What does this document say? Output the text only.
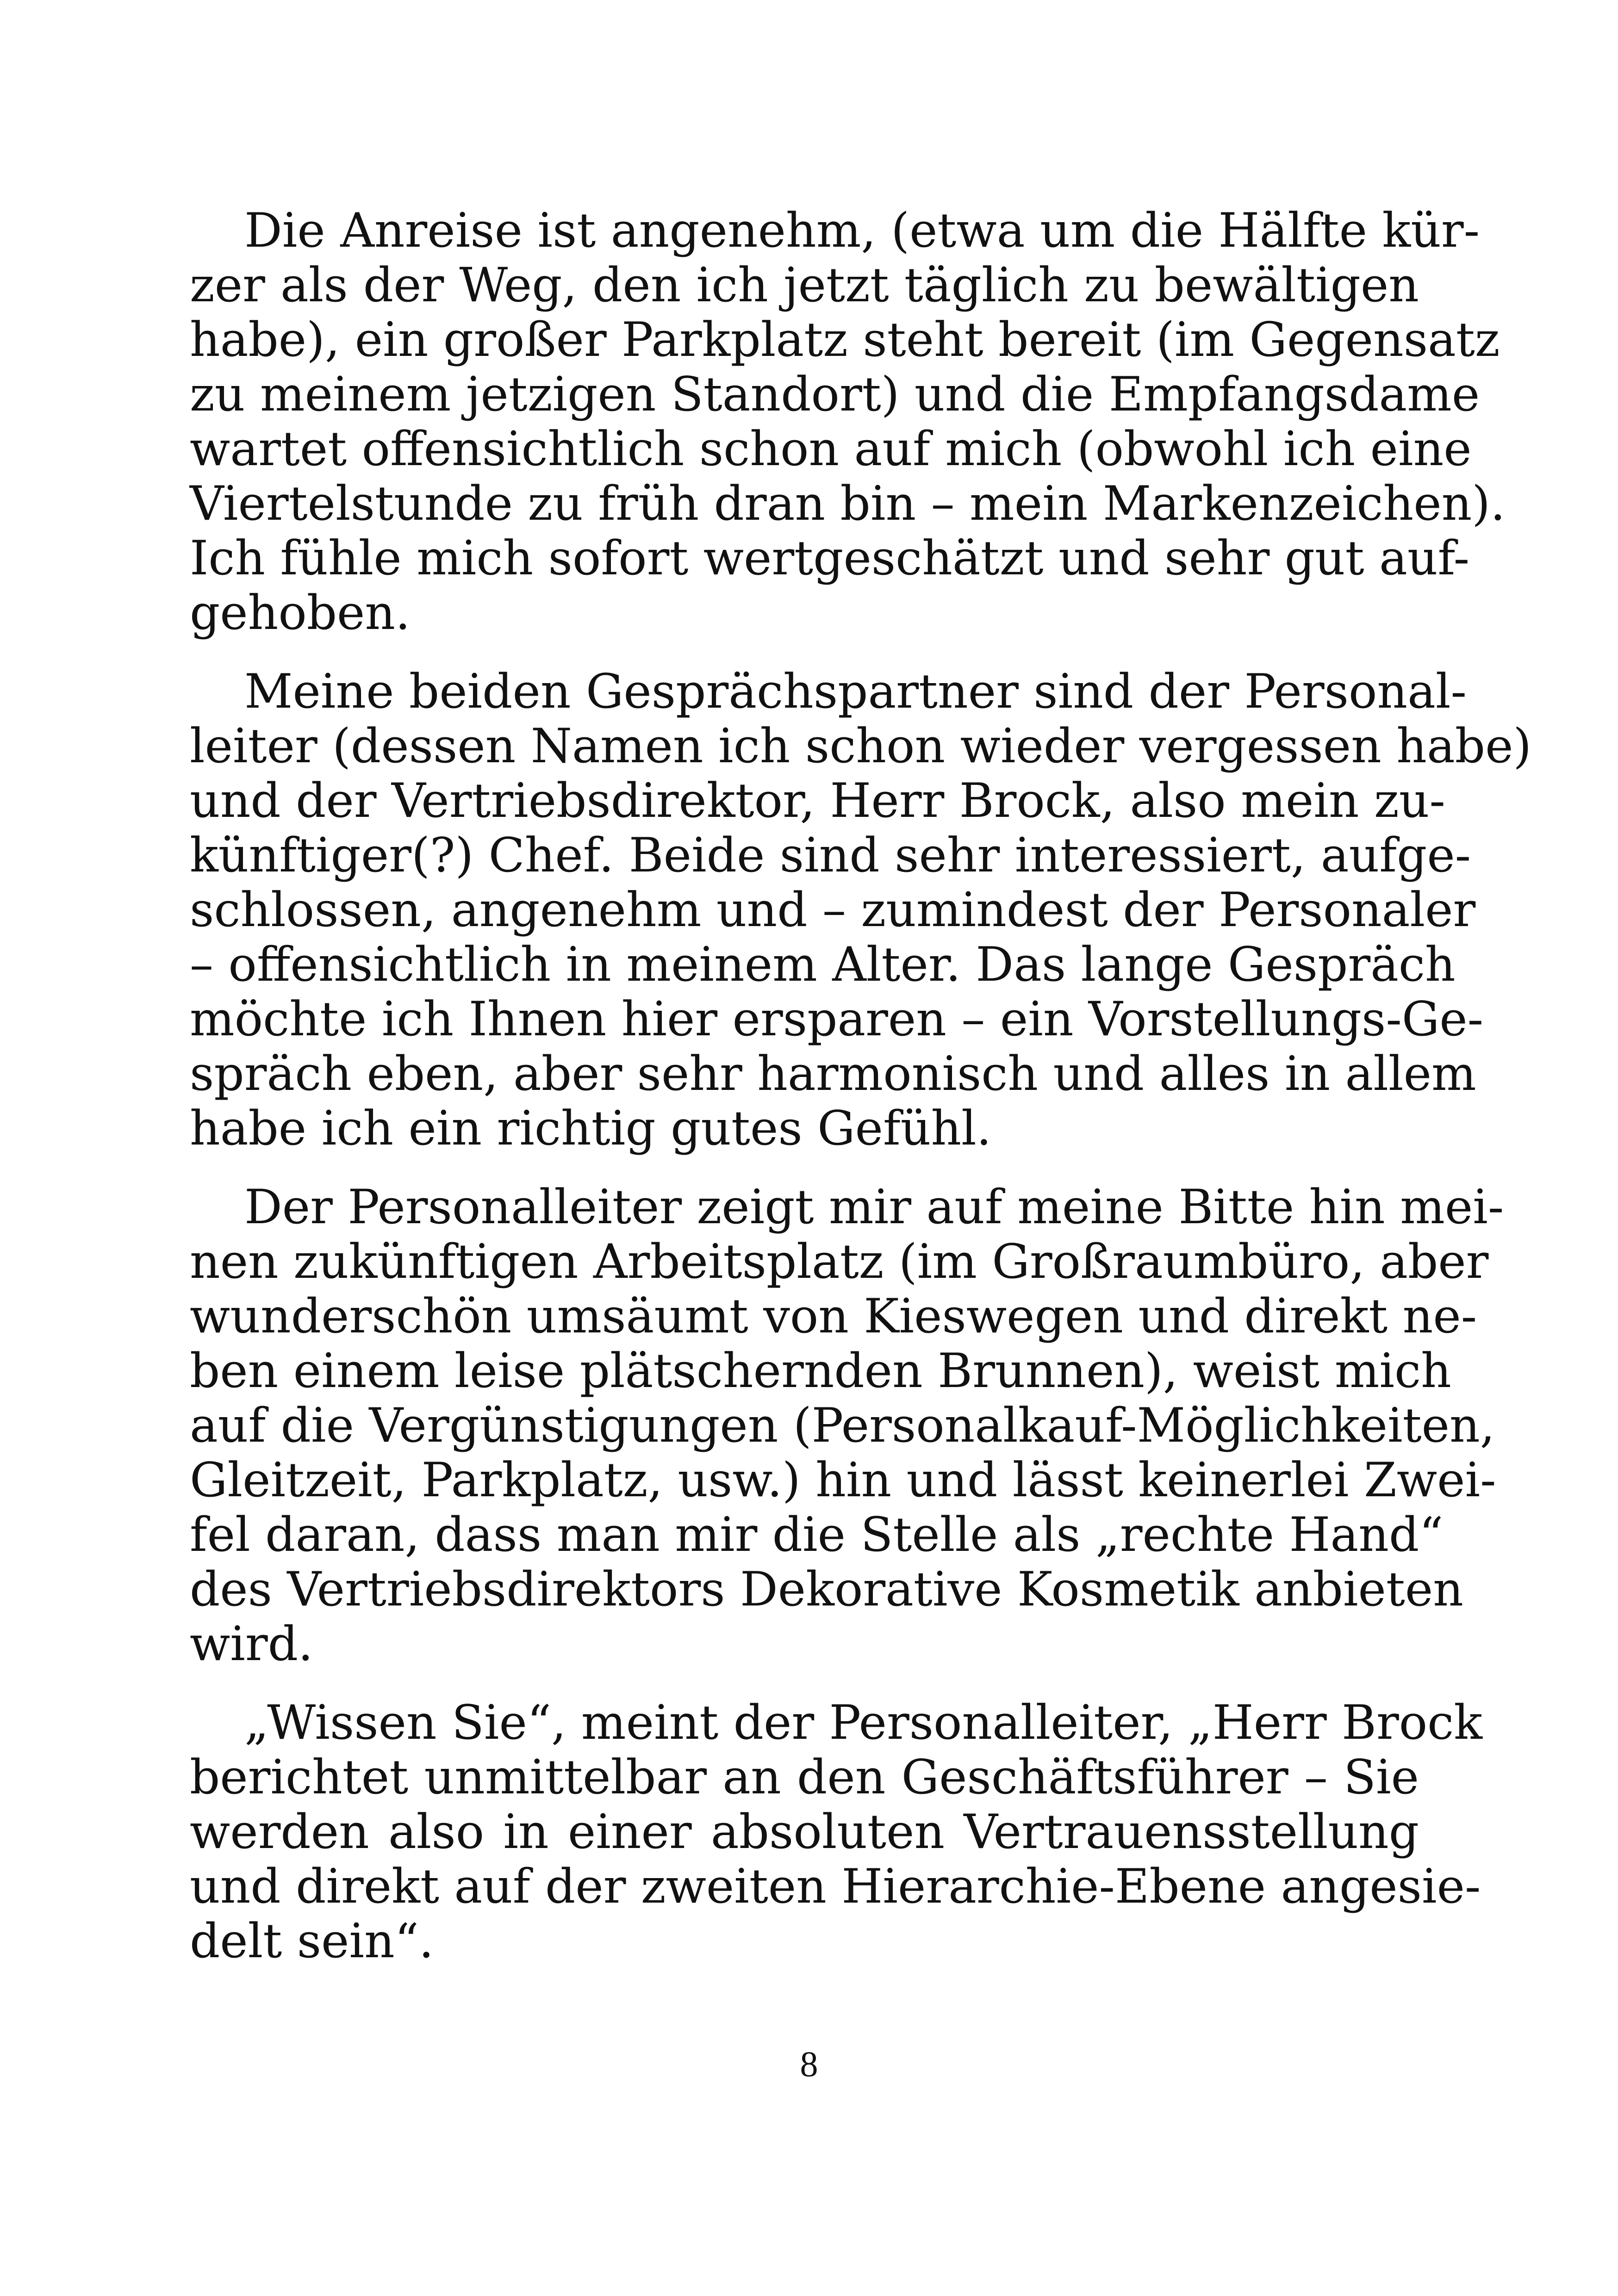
Die Anreise ist angenehm, (etwa um die Hälfte kür-
zer als der Weg, den ich jetzt täglich zu bewältigen
habe), ein großer Parkplatz steht bereit (im Gegensatz
zu meinem jetzigen Standort) und die Empfangsdame
wartet offensichtlich schon auf mich (obwohl ich eine
Viertelstunde zu früh dran bin – mein Markenzeichen).
Ich fühle mich sofort wertgeschätzt und sehr gut auf-
gehoben.
Meine beiden Gesprächspartner sind der Personal-
leiter (dessen Namen ich schon wieder vergessen habe)
und der Vertriebsdirektor, Herr Brock, also mein zu-
künftiger(?) Chef. Beide sind sehr interessiert, aufge-
schlossen, angenehm und – zumindest der Personaler
– offensichtlich in meinem Alter. Das lange Gespräch
möchte ich Ihnen hier ersparen – ein Vorstellungs-Ge-
spräch eben, aber sehr harmonisch und alles in allem
habe ich ein richtig gutes Gefühl.
Der Personalleiter zeigt mir auf meine Bitte hin mei-
nen zukünftigen Arbeitsplatz (im Großraumbüro, aber
wunderschön umsäumt von Kieswegen und direkt ne-
ben einem leise plätschernden Brunnen), weist mich
auf die Vergünstigungen (Personalkauf-Möglichkeiten,
Gleitzeit, Parkplatz, usw.) hin und lässt keinerlei Zwei-
fel daran, dass man mir die Stelle als „rechte Hand“
des Vertriebsdirektors Dekorative Kosmetik anbieten
wird.
„Wissen Sie“, meint der Personalleiter, „Herr Brock
berichtet unmittelbar an den Geschäftsführer – Sie
werden also in einer absoluten Vertrauensstellung
und direkt auf der zweiten Hierarchie-Ebene angesie-
delt sein“.
8
